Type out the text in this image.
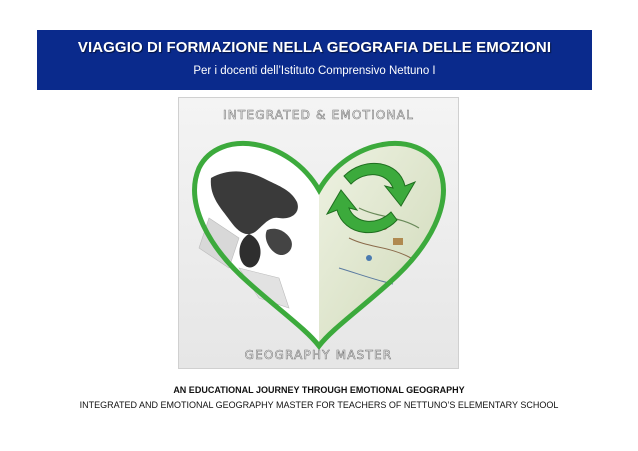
VIAGGIO DI FORMAZIONE NELLA GEOGRAFIA DELLE EMOZIONI
Per i docenti dell’Istituto Comprensivo Nettuno I
INTEGRATED & EMOTIONAL
GEOGRAPHY MASTER
AN EDUCATIONAL JOURNEY THROUGH EMOTIONAL GEOGRAPHY
INTEGRATED AND EMOTIONAL GEOGRAPHY MASTER FOR TEACHERS OF NETTUNO’S ELEMENTARY SCHOOL
